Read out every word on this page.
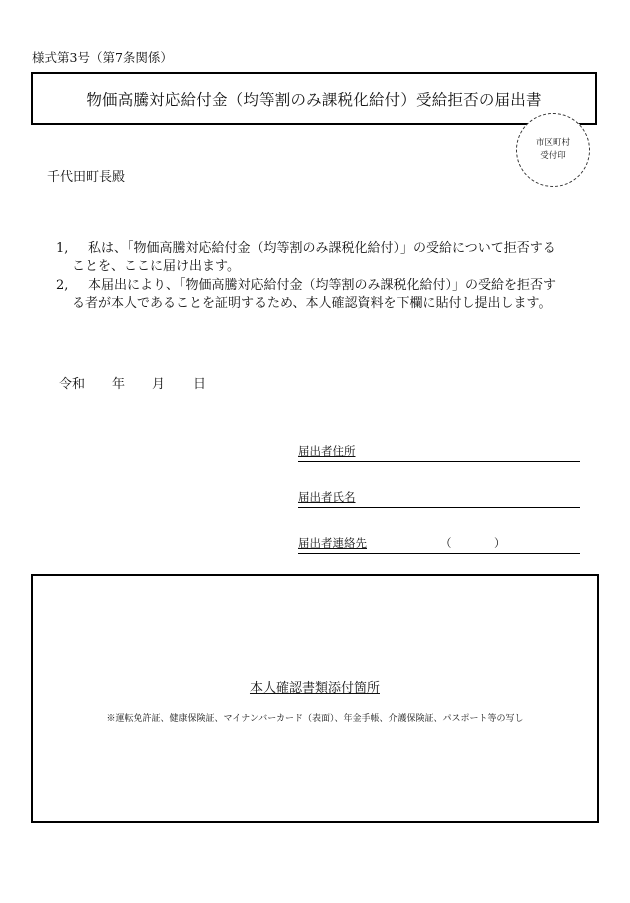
様式第3号（第7条関係）
物価高騰対応給付金（均等割のみ課税化給付）受給拒否の届出書
市区町村
受付印
千代田町長殿
1, 私は、「物価高騰対応給付金（均等割のみ課税化給付）」の受給について拒否する
ことを、ここに届け出ます。
2, 本届出により、「物価高騰対応給付金（均等割のみ課税化給付）」の受給を拒否す
る者が本人であることを証明するため、本人確認資料を下欄に貼付し提出します。
令和 年 月 日
届出者住所
届出者氏名
届出者連絡先	（	）
本人確認書類添付箇所
※運転免許証、健康保険証、マイナンバーカード（表面）、年金手帳、介護保険証、パスポート等の写し
